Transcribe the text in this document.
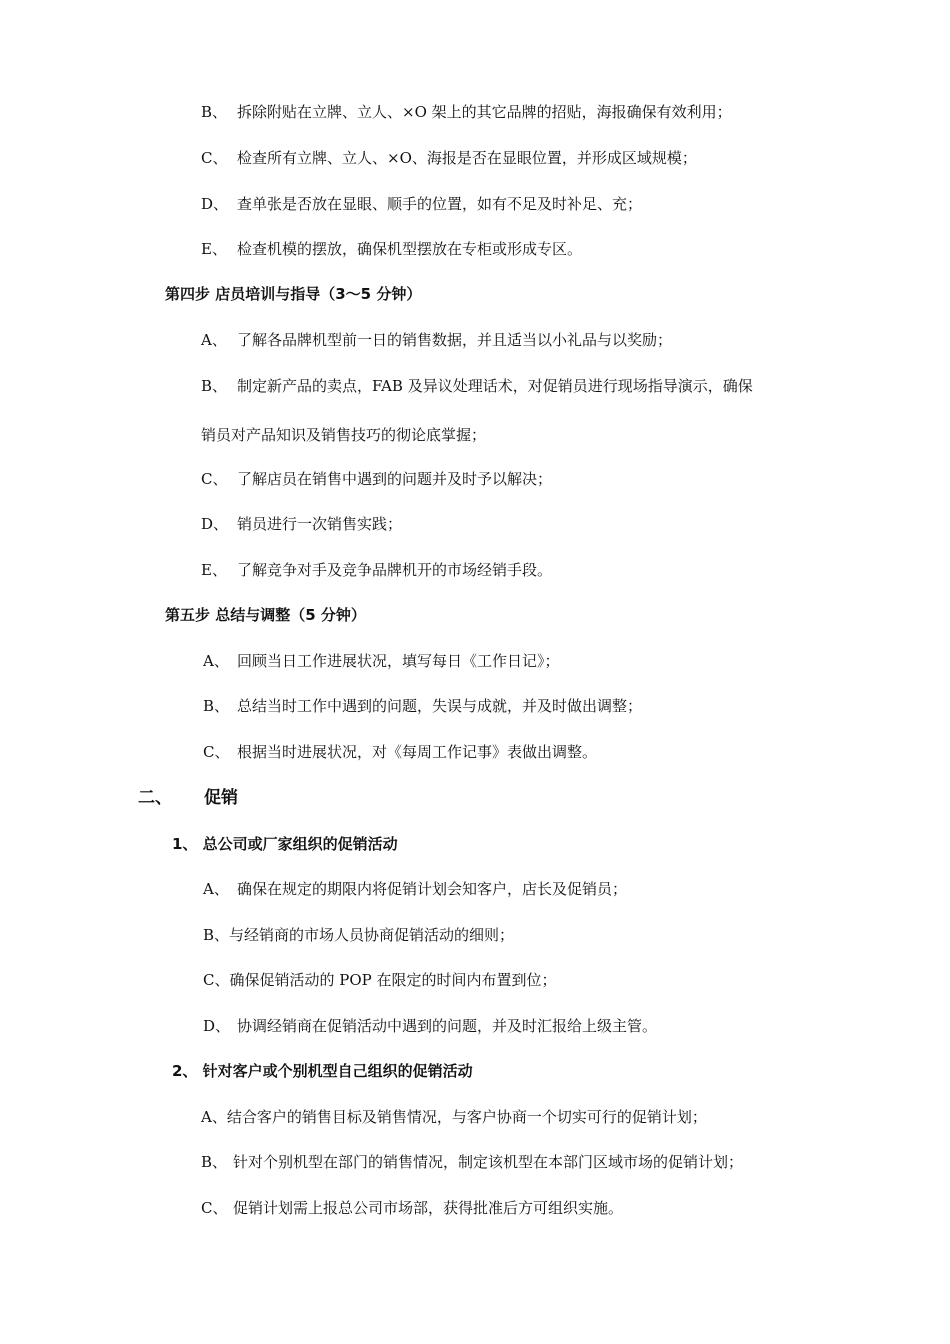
B、 拆除附贴在立牌、立人、×O 架上的其它品牌的招贴，海报确保有效利用；
C、 检查所有立牌、立人、×O、海报是否在显眼位置，并形成区域规模；
D、 查单张是否放在显眼、顺手的位置，如有不足及时补足、充；
E、 检查机模的摆放，确保机型摆放在专柜或形成专区。
第四步 店员培训与指导（3～5 分钟）
A、 了解各品牌机型前一日的销售数据，并且适当以小礼品与以奖励；
B、 制定新产品的卖点，FAB 及异议处理话术，对促销员进行现场指导演示，确保
销员对产品知识及销售技巧的彻论底掌握；
C、 了解店员在销售中遇到的问题并及时予以解决；
D、 销员进行一次销售实践；
E、 了解竞争对手及竞争品牌机开的市场经销手段。
第五步 总结与调整（5 分钟）
A、 回顾当日工作进展状况，填写每日《工作日记》；
B、 总结当时工作中遇到的问题，失误与成就，并及时做出调整；
C、 根据当时进展状况，对《每周工作记事》表做出调整。
二、 促销
1、 总公司或厂家组织的促销活动
A、 确保在规定的期限内将促销计划会知客户，店长及促销员；
B、与经销商的市场人员协商促销活动的细则；
C、确保促销活动的 POP 在限定的时间内布置到位；
D、 协调经销商在促销活动中遇到的问题，并及时汇报给上级主管。
2、 针对客户或个别机型自己组织的促销活动
A、结合客户的销售目标及销售情况，与客户协商一个切实可行的促销计划；
B、 针对个别机型在部门的销售情况，制定该机型在本部门区域市场的促销计划；
C、 促销计划需上报总公司市场部，获得批准后方可组织实施。
